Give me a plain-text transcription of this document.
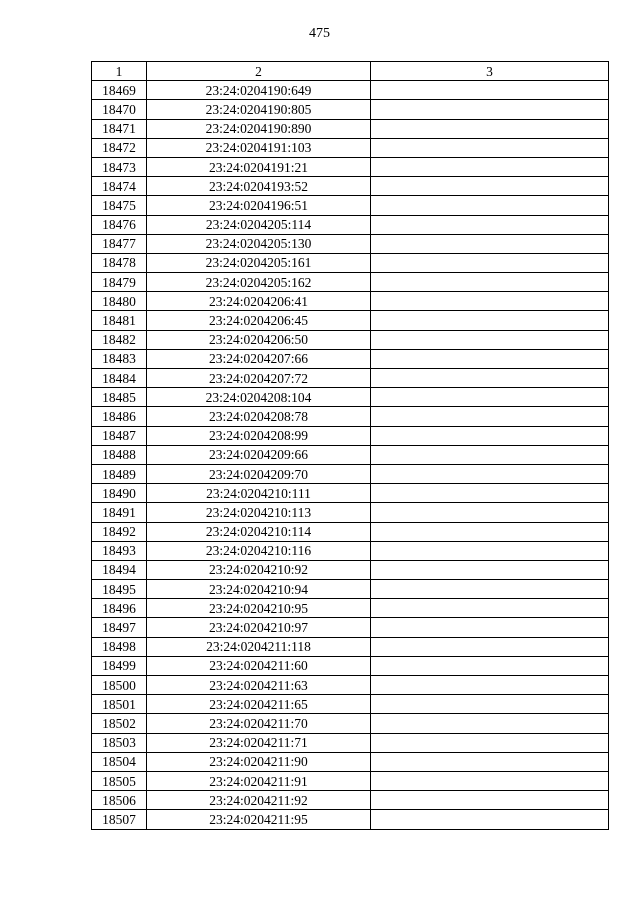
475
1	2	3
18469	23:24:0204190:649	
18470	23:24:0204190:805	
18471	23:24:0204190:890	
18472	23:24:0204191:103	
18473	23:24:0204191:21	
18474	23:24:0204193:52	
18475	23:24:0204196:51	
18476	23:24:0204205:114	
18477	23:24:0204205:130	
18478	23:24:0204205:161	
18479	23:24:0204205:162	
18480	23:24:0204206:41	
18481	23:24:0204206:45	
18482	23:24:0204206:50	
18483	23:24:0204207:66	
18484	23:24:0204207:72	
18485	23:24:0204208:104	
18486	23:24:0204208:78	
18487	23:24:0204208:99	
18488	23:24:0204209:66	
18489	23:24:0204209:70	
18490	23:24:0204210:111	
18491	23:24:0204210:113	
18492	23:24:0204210:114	
18493	23:24:0204210:116	
18494	23:24:0204210:92	
18495	23:24:0204210:94	
18496	23:24:0204210:95	
18497	23:24:0204210:97	
18498	23:24:0204211:118	
18499	23:24:0204211:60	
18500	23:24:0204211:63	
18501	23:24:0204211:65	
18502	23:24:0204211:70	
18503	23:24:0204211:71	
18504	23:24:0204211:90	
18505	23:24:0204211:91	
18506	23:24:0204211:92	
18507	23:24:0204211:95	
